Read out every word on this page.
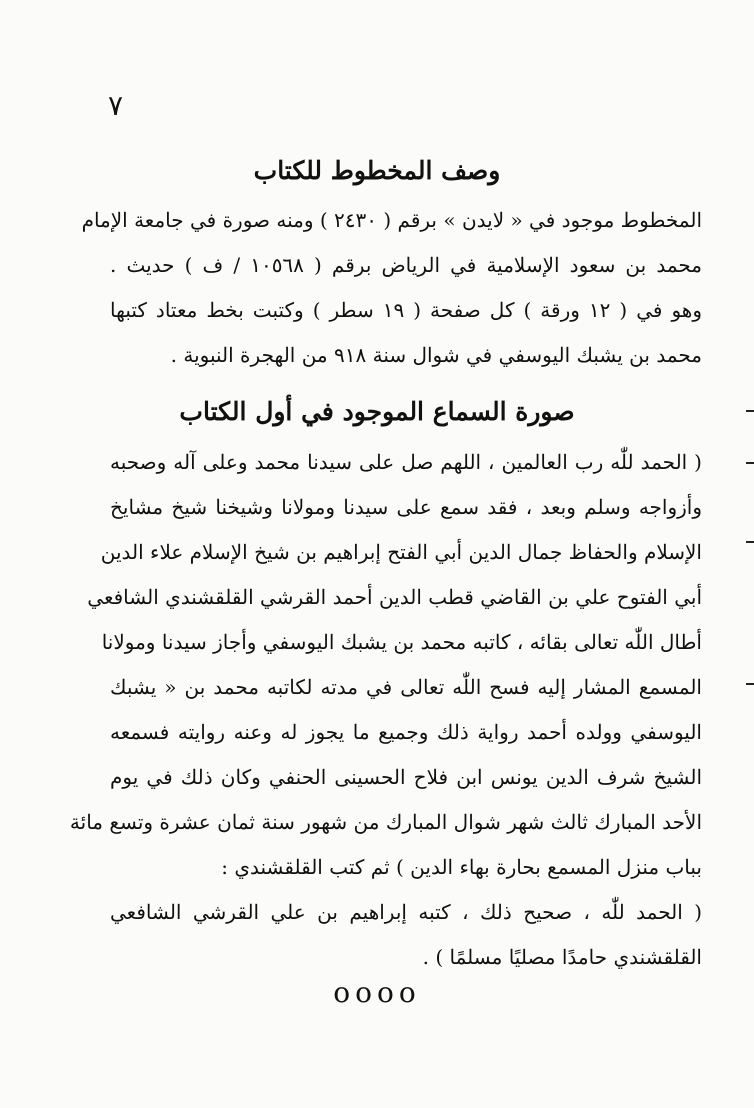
٧
وصف المخطوط للكتاب
المخطوط موجود في « لايدن » برقم ( ٢٤٣٠ ) ومنه صورة في جامعة الإمام
محمد بن سعود الإسلامية في الرياض برقم ( ١٠٥٦٨ / ف ) حديث .
وهو في ( ١٢ ورقة ) كل صفحة ( ١٩ سطر ) وكتبت بخط معتاد كتبها
محمد بن يشبك اليوسفي في شوال سنة ٩١٨ من الهجرة النبوية .
صورة السماع الموجود في أول الكتاب
( الحمد للّٰه رب العالمين ، اللهم صل على سيدنا محمد وعلى آله وصحبه
وأزواجه وسلم وبعد ، فقد سمع على سيدنا ومولانا وشيخنا شيخ مشايخ
الإسلام والحفاظ جمال الدين أبي الفتح إبراهيم بن شيخ الإسلام علاء الدين
أبي الفتوح علي بن القاضي قطب الدين أحمد القرشي القلقشندي الشافعي
أطال اللّٰه تعالى بقائه ، كاتبه محمد بن يشبك اليوسفي وأجاز سيدنا ومولانا
المسمع المشار إليه فسح اللّٰه تعالى في مدته لكاتبه محمد بن « يشبك
اليوسفي وولده أحمد رواية ذلك وجميع ما يجوز له وعنه روايته فسمعه
الشيخ شرف الدين يونس ابن فلاح الحسينى الحنفي وكان ذلك في يوم
الأحد المبارك ثالث شهر شوال المبارك من شهور سنة ثمان عشرة وتسع مائة
بباب منزل المسمع بحارة بهاء الدين ) ثم كتب القلقشندي :
( الحمد للّٰه ، صحيح ذلك ، كتبه إبراهيم بن علي القرشي الشافعي
القلقشندي حامدًا مصليًا مسلمًا ) .
oooo
